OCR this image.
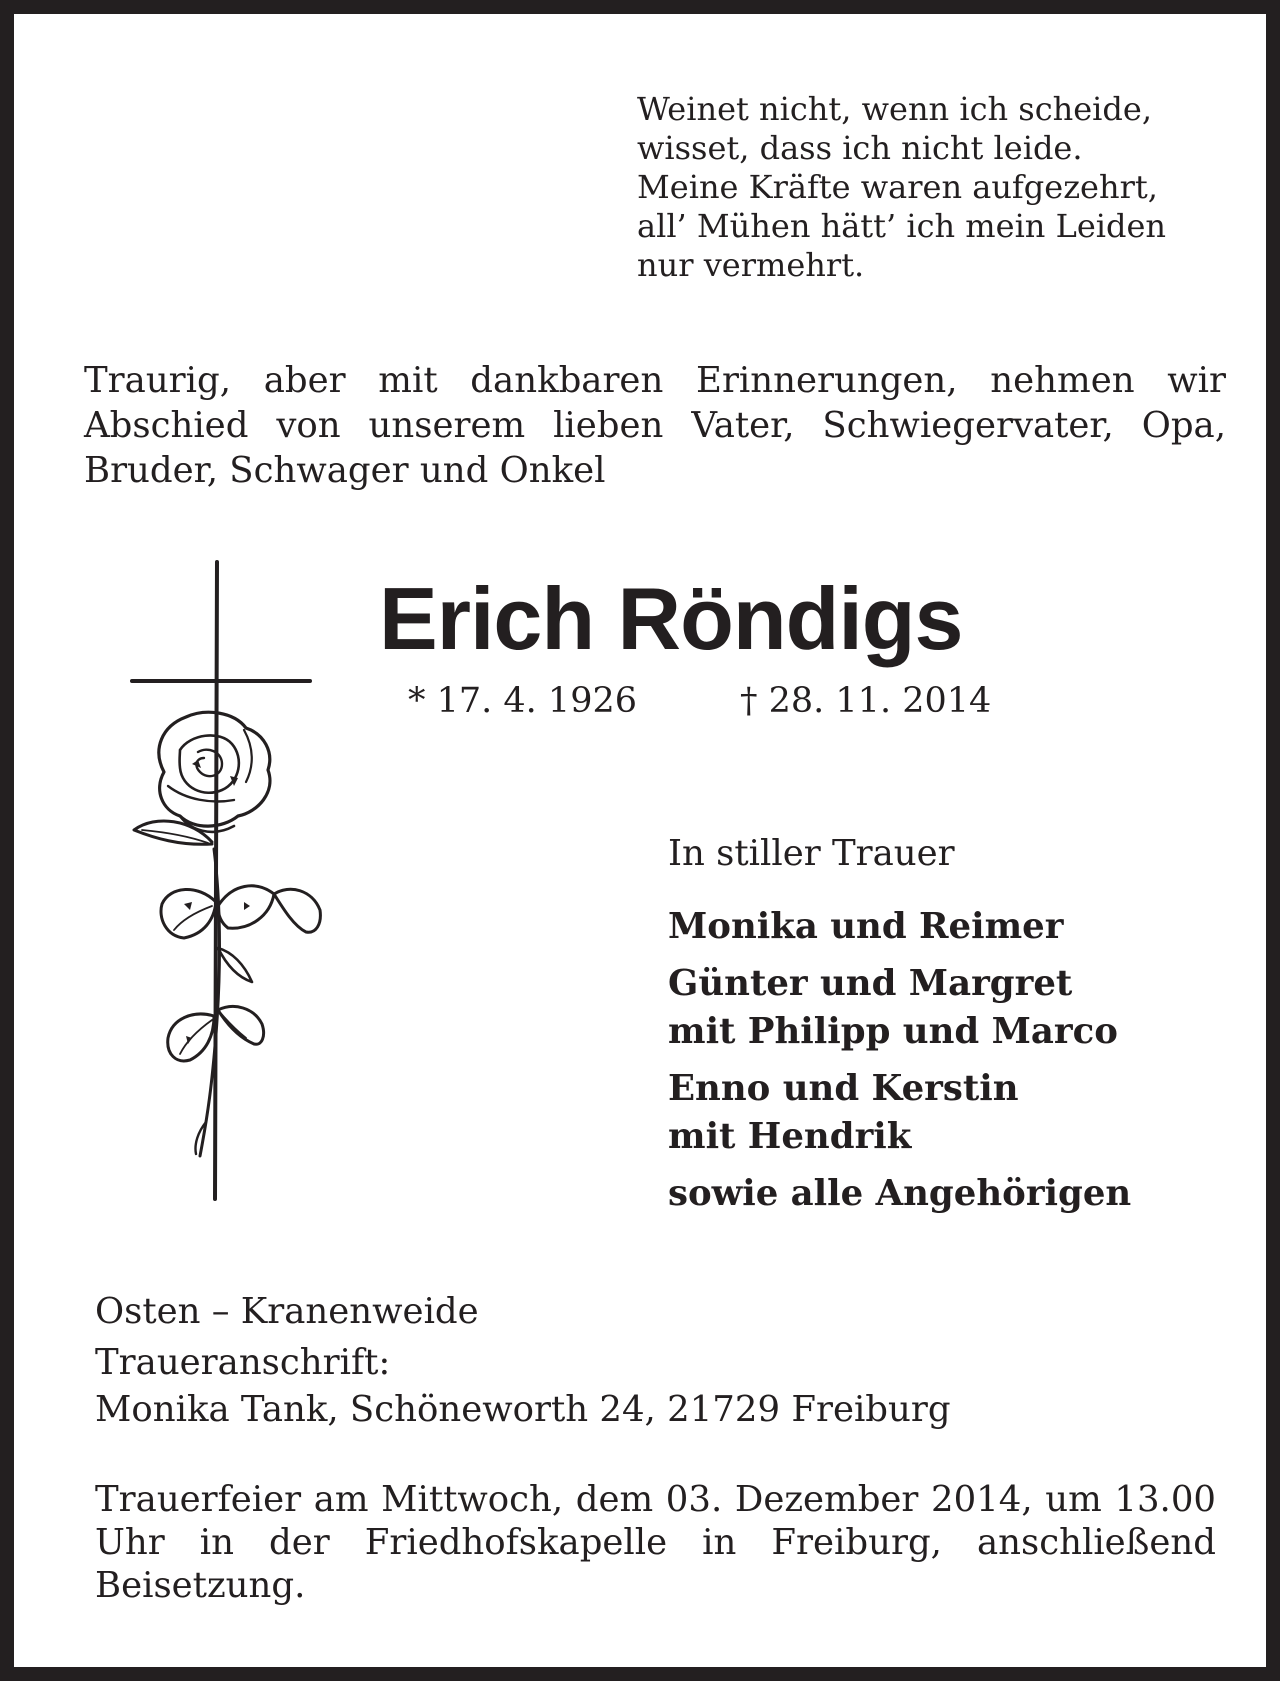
Weinet nicht, wenn ich scheide,
wisset, dass ich nicht leide.
Meine Kräfte waren aufgezehrt,
all’ Mühen hätt’ ich mein Leiden
nur vermehrt.
Traurig, aber mit dankbaren Erinnerungen, nehmen wir Abschied von unserem lieben Vater, Schwiegervater, Opa, Bruder, Schwager und Onkel
Erich Röndigs
* 17. 4. 1926	† 28. 11. 2014
In stiller Trauer
Monika und Reimer
Günter und Margret
mit Philipp und Marco
Enno und Kerstin
mit Hendrik
sowie alle Angehörigen
Osten – Kranenweide
Traueranschrift:
Monika Tank, Schöneworth 24, 21729 Freiburg
Trauerfeier am Mittwoch, dem 03. Dezember 2014, um 13.00 Uhr in der Friedhofskapelle in Freiburg, anschließend Beisetzung.
